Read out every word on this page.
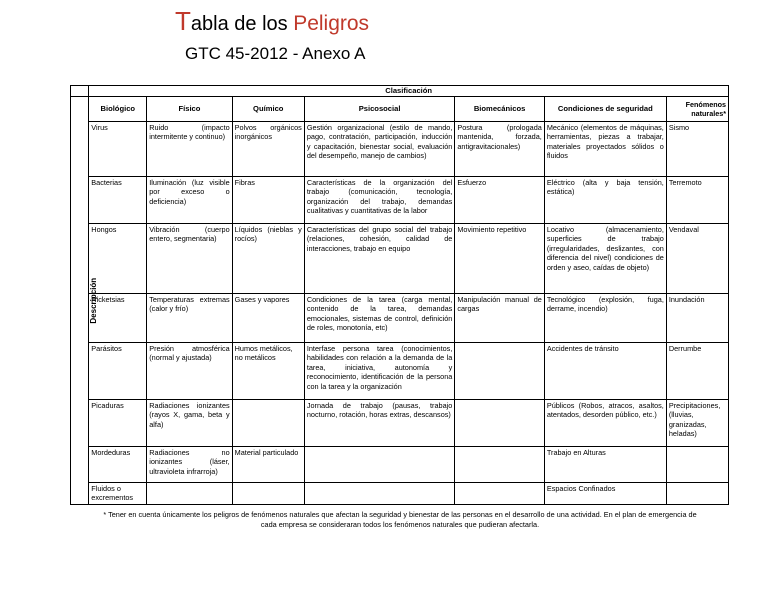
Tabla de los Peligros
GTC 45-2012 - Anexo A
	Clasificación						
Descripción	Biológico	Físico	Químico	Psicosocial	Biomecánicos	Condiciones de seguridad	Fenómenos naturales*
	Virus	Ruido (impacto intermitente y continuo)	Polvos orgánicos inorgánicos	Gestión organizacional (estilo de mando, pago, contratación, participación, inducción y capacitación, bienestar social, evaluación del desempeño, manejo de cambios)	Postura (prologada mantenida, forzada, antigravitacionales)	Mecánico (elementos de máquinas, herramientas, piezas a trabajar, materiales proyectados sólidos o fluidos	Sismo
	Bacterias	Iluminación (luz visible por exceso o deficiencia)	Fibras	Características de la organización del trabajo (comunicación, tecnología, organización del trabajo, demandas cualitativas y cuantitativas de la labor	Esfuerzo	Eléctrico (alta y baja tensión, estática)	Terremoto
	Hongos	Vibración (cuerpo entero, segmentaria)	Líquidos (nieblas y rocíos)	Características del grupo social del trabajo (relaciones, cohesión, calidad de interacciones, trabajo en equipo	Movimiento repetitivo	Locativo (almacenamiento, superficies de trabajo (irregularidades, deslizantes, con diferencia del nivel) condiciones de orden y aseo, caídas de objeto)	Vendaval
	Ricketsias	Temperaturas extremas (calor y frío)	Gases y vapores	Condiciones de la tarea (carga mental, contenido de la tarea, demandas emocionales, sistemas de control, definición de roles, monotonía, etc)	Manipulación manual de cargas	Tecnológico (explosión, fuga, derrame, incendio)	Inundación
	Parásitos	Presión atmosférica (normal y ajustada)	Humos metálicos, no metálicos	Interfase persona tarea (conocimientos, habilidades con relación a la demanda de la tarea, iniciativa, autonomía y reconocimiento, identificación de la persona con la tarea y la organización		Accidentes de tránsito	Derrumbe
	Picaduras	Radiaciones ionizantes (rayos X, gama, beta y alfa)		Jornada de trabajo (pausas, trabajo nocturno, rotación, horas extras, descansos)		Públicos (Robos, atracos, asaltos, atentados, desorden público, etc.)	Precipitaciones, (lluvias, granizadas, heladas)
	Mordeduras	Radiaciones no ionizantes (láser, ultravioleta infrarroja)	Material particulado			Trabajo en Alturas	
	Fluidos o excrementos					Espacios Confinados	
* Tener en cuenta únicamente los peligros de fenómenos naturales que afectan la seguridad y bienestar de las personas en el desarrollo de una actividad. En el plan de emergencia de cada empresa se consideraran todos los fenómenos naturales que pudieran afectarla.
